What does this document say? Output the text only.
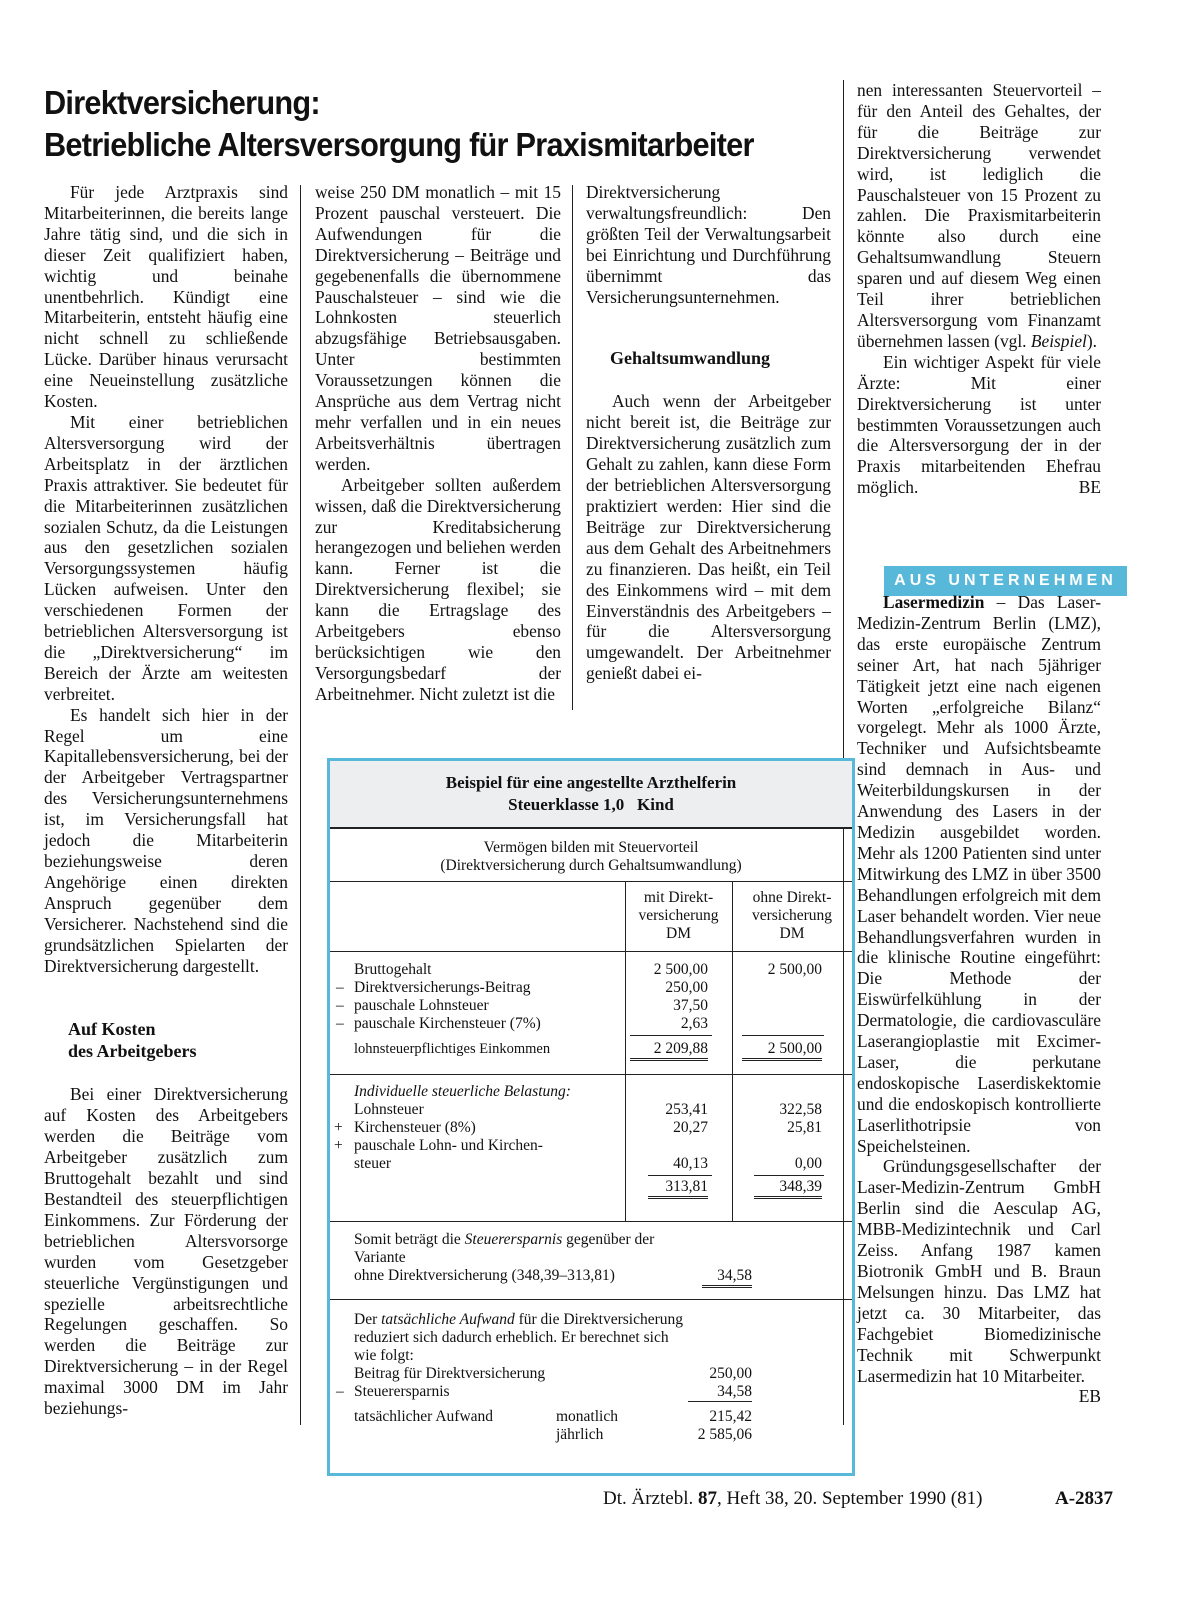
Direktversicherung:
Betriebliche Altersversorgung für Praxismitarbeiter

Für jede Arztpraxis sind Mitarbeiterinnen, die bereits lange Jahre tätig sind, und die sich in dieser Zeit qualifiziert haben, wichtig und beinahe unentbehrlich. Kündigt eine Mitarbeiterin, entsteht häufig eine nicht schnell zu schließende Lücke. Darüber hinaus verursacht eine Neueinstellung zusätzliche Kosten.

Mit einer betrieblichen Altersversorgung wird der Arbeitsplatz in der ärztlichen Praxis attraktiver. Sie bedeutet für die Mitarbeiterinnen zusätzlichen sozialen Schutz, da die Leistungen aus den gesetzlichen sozialen Versorgungssystemen häufig Lücken aufweisen. Unter den verschiedenen Formen der betrieblichen Altersversorgung ist die „Direktversicherung“ im Bereich der Ärzte am weitesten verbreitet.

Es handelt sich hier in der Regel um eine Kapitallebensversicherung, bei der der Arbeitgeber Vertragspartner des Versicherungsunternehmens ist, im Versicherungsfall hat jedoch die Mitarbeiterin beziehungsweise deren Angehörige einen direkten Anspruch gegenüber dem Versicherer. Nachstehend sind die grundsätzlichen Spielarten der Direktversicherung dargestellt.

Auf Kosten
des Arbeitgebers

Bei einer Direktversicherung auf Kosten des Arbeitgebers werden die Beiträge vom Arbeitgeber zusätzlich zum Bruttogehalt bezahlt und sind Bestandteil des steuerpflichtigen Einkommens. Zur Förderung der betrieblichen Altersvorsorge wurden vom Gesetzgeber steuerliche Vergünstigungen und spezielle arbeitsrechtliche Regelungen geschaffen. So werden die Beiträge zur Direktversicherung – in der Regel maximal 3000 DM im Jahr beziehungs-

weise 250 DM monatlich – mit 15 Prozent pauschal versteuert. Die Aufwendungen für die Direktversicherung – Beiträge und gegebenenfalls die übernommene Pauschalsteuer – sind wie die Lohnkosten steuerlich abzugsfähige Betriebsausgaben. Unter bestimmten Voraussetzungen können die Ansprüche aus dem Vertrag nicht mehr verfallen und in ein neues Arbeitsverhältnis übertragen werden.

Arbeitgeber sollten außerdem wissen, daß die Direktversicherung zur Kreditabsicherung herangezogen und beliehen werden kann. Ferner ist die Direktversicherung flexibel; sie kann die Ertragslage des Arbeitgebers ebenso berücksichtigen wie den Versorgungsbedarf der Arbeitnehmer. Nicht zuletzt ist die

Direktversicherung verwaltungsfreundlich: Den größten Teil der Verwaltungsarbeit bei Einrichtung und Durchführung übernimmt das Versicherungsunternehmen.

Gehaltsumwandlung

Auch wenn der Arbeitgeber nicht bereit ist, die Beiträge zur Direktversicherung zusätzlich zum Gehalt zu zahlen, kann diese Form der betrieblichen Altersversorgung praktiziert werden: Hier sind die Beiträge zur Direktversicherung aus dem Gehalt des Arbeitnehmers zu finanzieren. Das heißt, ein Teil des Einkommens wird – mit dem Einverständnis des Arbeitgebers – für die Altersversorgung umgewandelt. Der Arbeitnehmer genießt dabei ei-

nen interessanten Steuervorteil – für den Anteil des Gehaltes, der für die Beiträge zur Direktversicherung verwendet wird, ist lediglich die Pauschalsteuer von 15 Prozent zu zahlen. Die Praxismitarbeiterin könnte also durch eine Gehaltsumwandlung Steuern sparen und auf diesem Weg einen Teil ihrer betrieblichen Altersversorgung vom Finanzamt übernehmen lassen (vgl. Beispiel).

Ein wichtiger Aspekt für viele Ärzte: Mit einer Direktversicherung ist unter bestimmten Voraussetzungen auch die Altersversorgung der in der Praxis mitarbeitenden Ehefrau möglich.	BE

AUS UNTERNEHMEN

Lasermedizin – Das Laser-Medizin-Zentrum Berlin (LMZ), das erste europäische Zentrum seiner Art, hat nach 5jähriger Tätigkeit jetzt eine nach eigenen Worten „erfolgreiche Bilanz“ vorgelegt. Mehr als 1000 Ärzte, Techniker und Aufsichtsbeamte sind demnach in Aus- und Weiterbildungskursen in der Anwendung des Lasers in der Medizin ausgebildet worden. Mehr als 1200 Patienten sind unter Mitwirkung des LMZ in über 3500 Behandlungen erfolgreich mit dem Laser behandelt worden. Vier neue Behandlungsverfahren wurden in die klinische Routine eingeführt: Die Methode der Eiswürfelkühlung in der Dermatologie, die cardiovasculäre Laserangioplastie mit Excimer-Laser, die perkutane endoskopische Laserdiskektomie und die endoskopisch kontrollierte Laserlithotripsie von Speichelsteinen.

Gründungsgesellschafter der Laser-Medizin-Zentrum GmbH Berlin sind die Aesculap AG, MBB-Medizintechnik und Carl Zeiss. Anfang 1987 kamen Biotronik GmbH und B. Braun Melsungen hinzu. Das LMZ hat jetzt ca. 30 Mitarbeiter, das Fachgebiet Biomedizinische Technik mit Schwerpunkt Lasermedizin hat 10 Mitarbeiter.
EB

Beispiel für eine angestellte Arzthelferin
Steuerklasse 1,0   Kind
Vermögen bilden mit Steuervorteil
(Direktversicherung durch Gehaltsumwandlung)
mit Direkt-
versicherung
DM
ohne Direkt-
versicherung
DM
Bruttogehalt	2 500,00	2 500,00
– Direktversicherungs-Beitrag	250,00
– pauschale Lohnsteuer	37,50
– pauschale Kirchensteuer (7%)	2,63
lohnsteuerpflichtiges Einkommen	2 209,88	2 500,00
Individuelle steuerliche Belastung:
Lohnsteuer	253,41	322,58
+ Kirchensteuer (8%)	20,27	25,81
+ pauschale Lohn- und Kirchen-
steuer	40,13	0,00
313,81	348,39
Somit beträgt die Steuerersparnis gegenüber der
Variante
ohne Direktversicherung (348,39–313,81)	34,58
Der tatsächliche Aufwand für die Direktversicherung
reduziert sich dadurch erheblich. Er berechnet sich
wie folgt:
Beitrag für Direktversicherung	250,00
– Steuerersparnis	34,58
tatsächlicher Aufwand	monatlich	215,42
jährlich	2 585,06
Dt. Ärztebl. 87, Heft 38, 20. September 1990 (81)	A-2837
